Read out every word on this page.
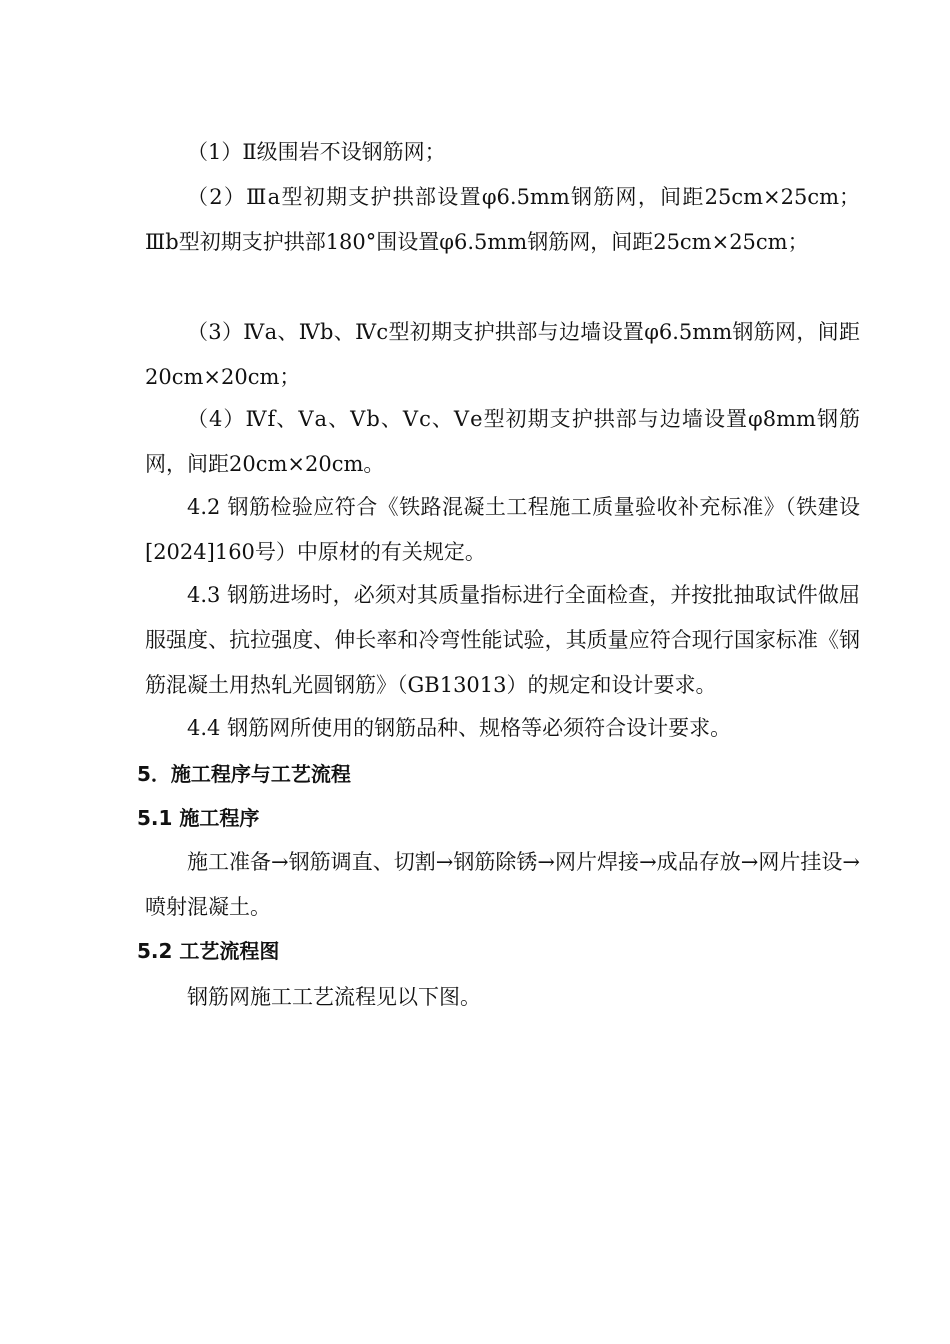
（1）Ⅱ级围岩不设钢筋网；

（2）Ⅲa型初期支护拱部设置φ6.5mm钢筋网，间距25cm×25cm；Ⅲb型初期支护拱部180°围设置φ6.5mm钢筋网，间距25cm×25cm；

（3）Ⅳa、Ⅳb、Ⅳc型初期支护拱部与边墙设置φ6.5mm钢筋网，间距20cm×20cm；

（4）Ⅳf、Ⅴa、Ⅴb、Ⅴc、Ⅴe型初期支护拱部与边墙设置φ8mm钢筋网，间距20cm×20cm。

4.2 钢筋检验应符合《铁路混凝土工程施工质量验收补充标准》（铁建设[2024]160号）中原材的有关规定。

4.3 钢筋进场时，必须对其质量指标进行全面检查，并按批抽取试件做屈服强度、抗拉强度、伸长率和冷弯性能试验，其质量应符合现行国家标准《钢筋混凝土用热轧光圆钢筋》（GB13013）的规定和设计要求。

4.4 钢筋网所使用的钢筋品种、规格等必须符合设计要求。

5．施工程序与工艺流程
5.1 施工程序

施工准备→钢筋调直、切割→钢筋除锈→网片焊接→成品存放→网片挂设→喷射混凝土。

5.2 工艺流程图

钢筋网施工工艺流程见以下图。
